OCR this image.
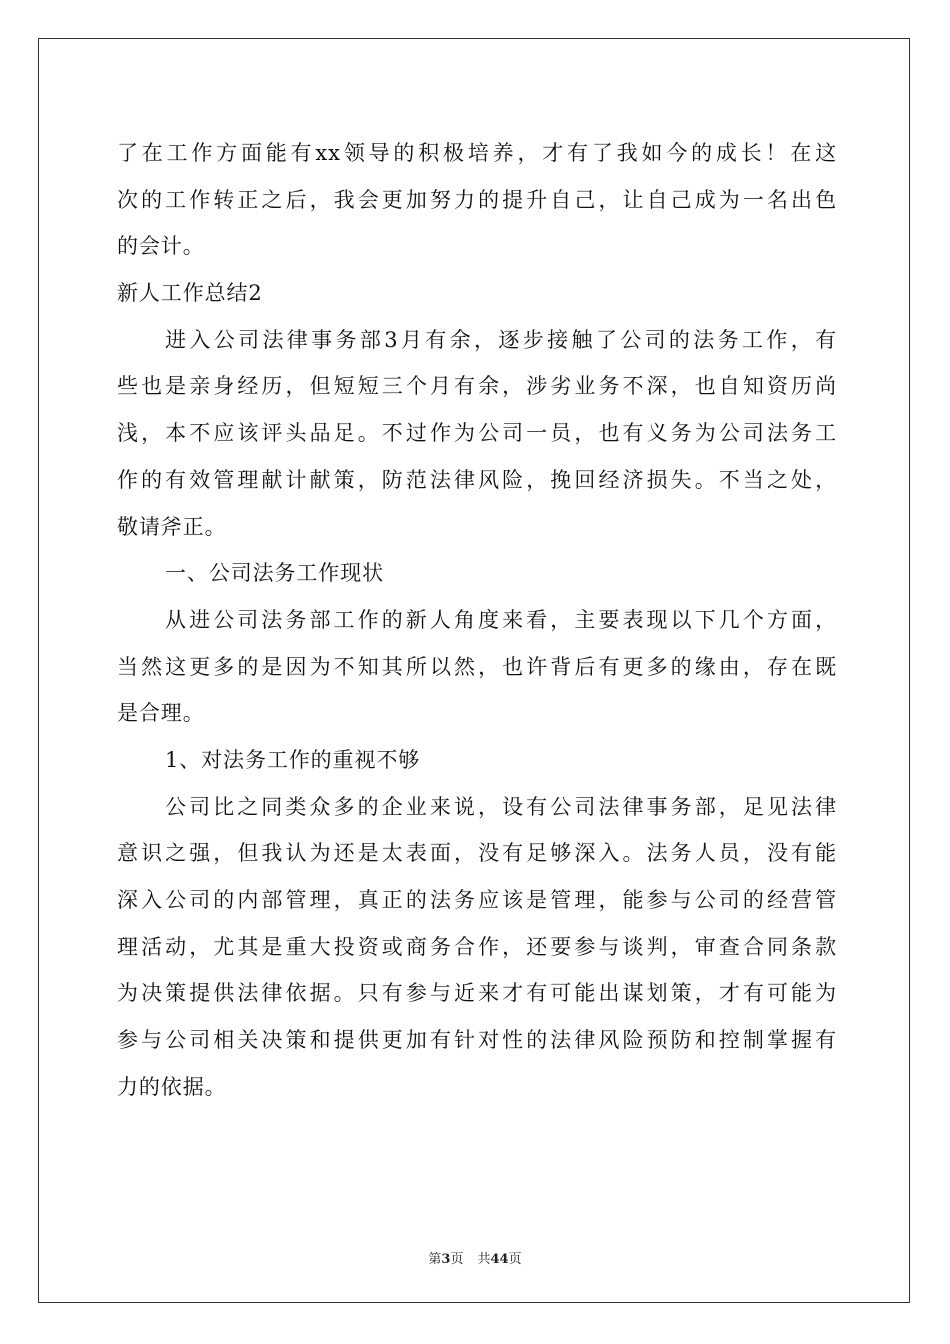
了在工作方面能有xx领导的积极培养，才有了我如今的成长！在这
次的工作转正之后，我会更加努力的提升自己，让自己成为一名出色
的会计。
新人工作总结2
进入公司法律事务部3月有余，逐步接触了公司的法务工作，有
些也是亲身经历，但短短三个月有余，涉劣业务不深，也自知资历尚
浅，本不应该评头品足。不过作为公司一员，也有义务为公司法务工
作的有效管理献计献策，防范法律风险，挽回经济损失。不当之处，
敬请斧正。
一、公司法务工作现状
从进公司法务部工作的新人角度来看，主要表现以下几个方面，
当然这更多的是因为不知其所以然，也许背后有更多的缘由，存在既
是合理。
1、对法务工作的重视不够
公司比之同类众多的企业来说，设有公司法律事务部，足见法律
意识之强，但我认为还是太表面，没有足够深入。法务人员，没有能
深入公司的内部管理，真正的法务应该是管理，能参与公司的经营管
理活动，尤其是重大投资或商务合作，还要参与谈判，审查合同条款
为决策提供法律依据。只有参与近来才有可能出谋划策，才有可能为
参与公司相关决策和提供更加有针对性的法律风险预防和控制掌握有
力的依据。
第3页 共44页
